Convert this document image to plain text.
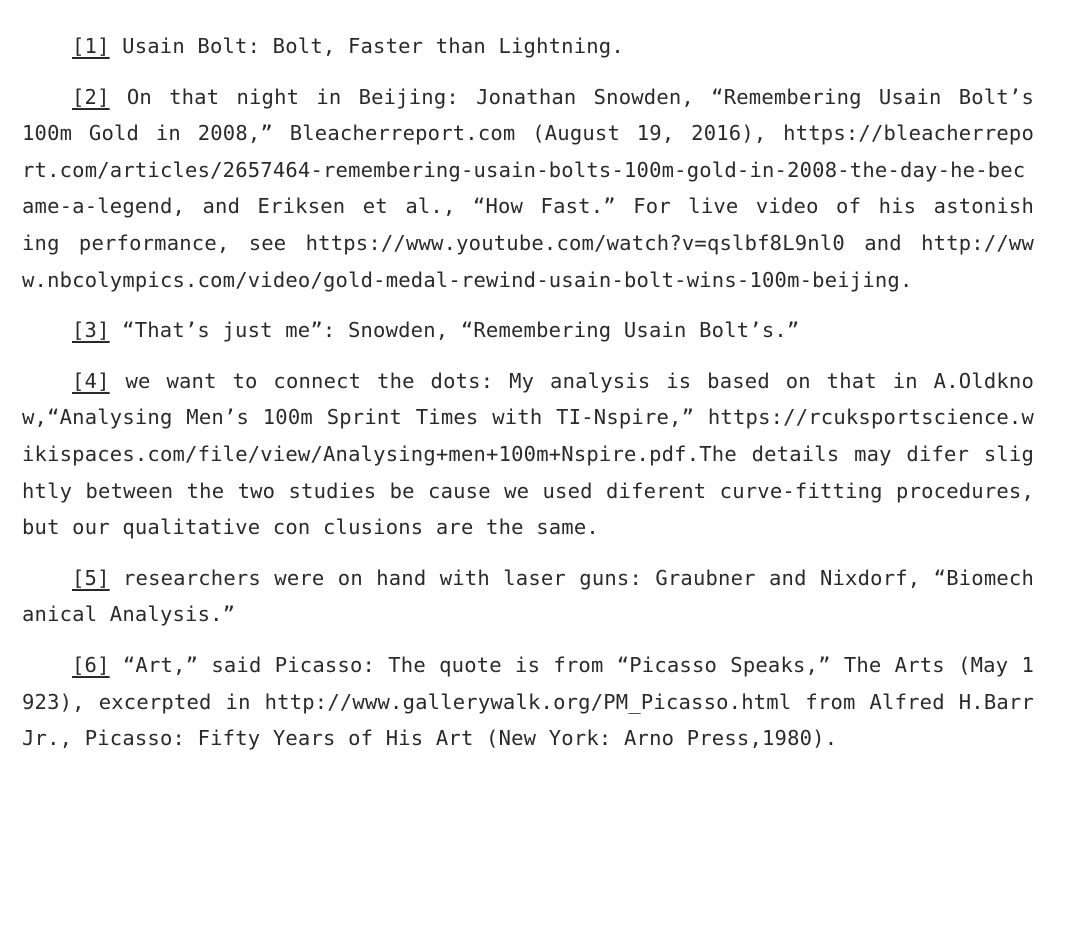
[1] Usain Bolt: Bolt, Faster than Lightning.

[2] On that night in Beijing: Jonathan Snowden, “Remembering Usain Bolt’s 100m Gold in 2008,” Bleacherreport.com (August 19, 2016), https://bleacherreport.com/articles/2657464-remembering-usain-bolts-100m-gold-in-2008-the-day-he-became-a-legend, and Eriksen et al., “How Fast.” For live video of his astonishing performance, see https://www.youtube.com/watch?v=qslbf8L9nl0 and http://www.nbcolympics.com/video/gold-medal-rewind-usain-bolt-wins-100m-beijing.

[3] “That’s just me”: Snowden, “Remembering Usain Bolt’s.”

[4] we want to connect the dots: My analysis is based on that in A.Oldknow,“Analysing Men’s 100m Sprint Times with TI-Nspire,” https://rcuksportscience.wikispaces.com/file/view/Analysing+men+100m+Nspire.pdf.The details may difer slightly between the two studies be cause we used diferent curve-fitting procedures, but our qualitative con clusions are the same.

[5] researchers were on hand with laser guns: Graubner and Nixdorf, “Biomechanical Analysis.”

[6] “Art,” said Picasso: The quote is from “Picasso Speaks,” The Arts (May 1923), excerpted in http://www.gallerywalk.org/PM_Picasso.html from Alfred H.Barr Jr., Picasso: Fifty Years of His Art (New York: Arno Press,1980).
